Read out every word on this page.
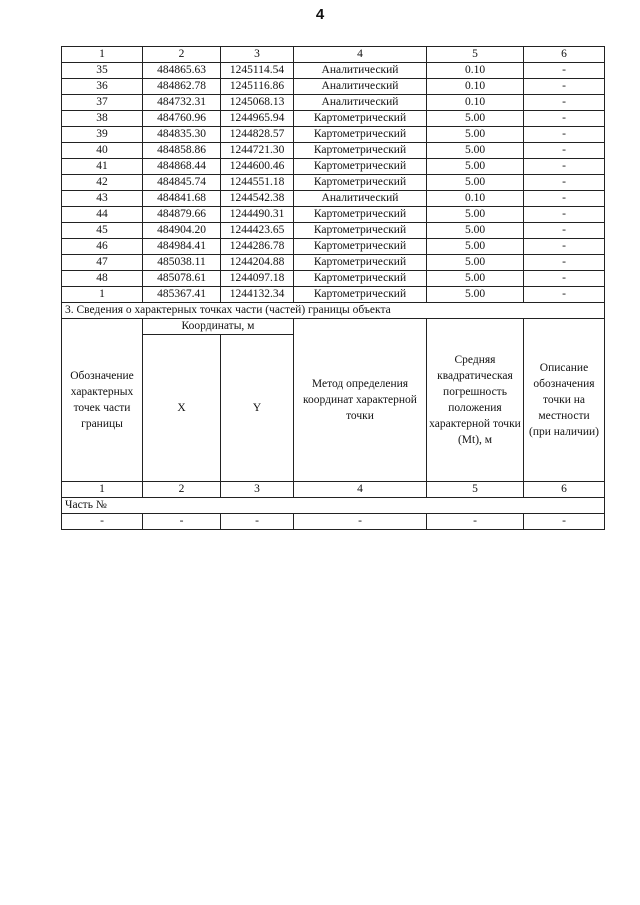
4
1	2	3	4	5	6
35	484865.63	1245114.54	Аналитический	0.10	-
36	484862.78	1245116.86	Аналитический	0.10	-
37	484732.31	1245068.13	Аналитический	0.10	-
38	484760.96	1244965.94	Картометрический	5.00	-
39	484835.30	1244828.57	Картометрический	5.00	-
40	484858.86	1244721.30	Картометрический	5.00	-
41	484868.44	1244600.46	Картометрический	5.00	-
42	484845.74	1244551.18	Картометрический	5.00	-
43	484841.68	1244542.38	Аналитический	0.10	-
44	484879.66	1244490.31	Картометрический	5.00	-
45	484904.20	1244423.65	Картометрический	5.00	-
46	484984.41	1244286.78	Картометрический	5.00	-
47	485038.11	1244204.88	Картометрический	5.00	-
48	485078.61	1244097.18	Картометрический	5.00	-
1	485367.41	1244132.34	Картометрический	5.00	-
3. Сведения о характерных точках части (частей) границы объекта					
Обозначение характерных точек части границы	Координаты, м		Метод определения координат характерной точки	Средняя квадратическая погрешность положения характерной точки (Mt), м	Описание обозначения точки на местности (при наличии)
	X	Y			
1	2	3	4	5	6
Часть №					
-	-	-	-	-	-
